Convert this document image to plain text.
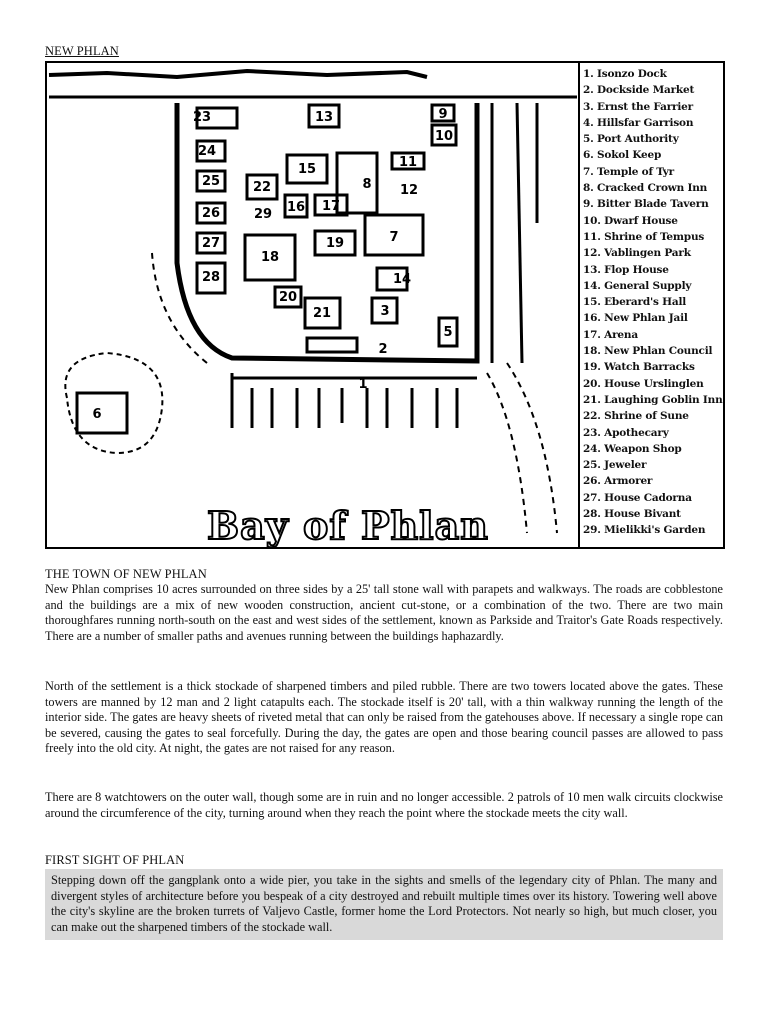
NEW PHLAN
23	13	9
10
24
11
15
12
8
25	22
16 17
29
26
7
27	19
18
28	14
20
21	3
5
2
1
6
Bay of Phlan
1. Isonzo Dock
2. Dockside Market
3. Ernst the Farrier
4. Hillsfar Garrison
5. Port Authority
6. Sokol Keep
7. Temple of Tyr
8. Cracked Crown Inn
9. Bitter Blade Tavern
10. Dwarf House
11. Shrine of Tempus
12. Vablingen Park
13. Flop House
14. General Supply
15. Eberard's Hall
16. New Phlan Jail
17. Arena
18. New Phlan Council
19. Watch Barracks
20. House Urslinglen
21. Laughing Goblin Inn
22. Shrine of Sune
23. Apothecary
24. Weapon Shop
25. Jeweler
26. Armorer
27. House Cadorna
28. House Bivant
29. Mielikki's Garden
THE TOWN OF NEW PHLAN

New Phlan comprises 10 acres surrounded on three sides by a 25' tall stone wall with parapets and walkways. The roads are cobblestone and the buildings are a mix of new wooden construction, ancient cut-stone, or a combination of the two. There are two main thoroughfares running north-south on the east and west sides of the settlement, known as Parkside and Traitor's Gate Roads respectively. There are a number of smaller paths and avenues running between the buildings haphazardly.

North of the settlement is a thick stockade of sharpened timbers and piled rubble. There are two towers located above the gates. These towers are manned by 12 man and 2 light catapults each. The stockade itself is 20' tall, with a thin walkway running the length of the interior side. The gates are heavy sheets of riveted metal that can only be raised from the gatehouses above. If necessary a single rope can be severed, causing the gates to seal forcefully. During the day, the gates are open and those bearing council passes are allowed to pass freely into the old city. At night, the gates are not raised for any reason.

There are 8 watchtowers on the outer wall, though some are in ruin and no longer accessible. 2 patrols of 10 men walk circuits clockwise around the circumference of the city, turning around when they reach the point where the stockade meets the city wall.

FIRST SIGHT OF PHLAN
Stepping down off the gangplank onto a wide pier, you take in the sights and smells of the legendary city of Phlan. The many and divergent styles of architecture before you bespeak of a city destroyed and rebuilt multiple times over its history. Towering well above the city's skyline are the broken turrets of Valjevo Castle, former home the Lord Protectors. Not nearly so high, but much closer, you can make out the sharpened timbers of the stockade wall.
